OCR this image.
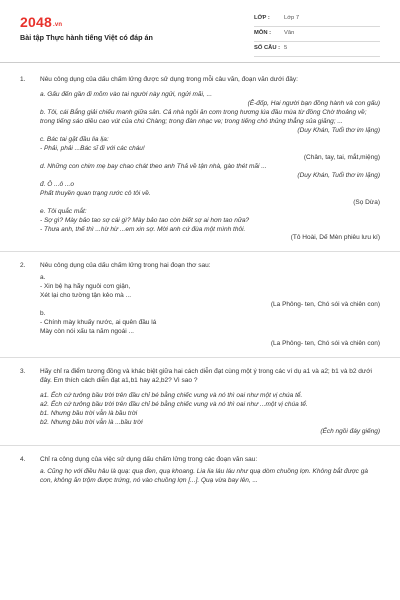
2048.vn
Bài tập Thực hành tiếng Việt có đáp án
LỚP : Lớp 7
MÔN : Văn
SỐ CÂU : 5
1. Nêu công dụng của dấu chấm lửng được sử dụng trong mỗi câu văn, đoạn văn dưới đây:

a. Gấu đến gần đi mõm vào tai người này ngửi, ngửi mãi, ...

(Ê-đốp, Hai người bạn đồng hành và con gấu)

b. Tôi, cái Bắng giải chiếu manh giữa sân. Cả nhà ngồi ăn cơm trong hương lúa đầu mùa từ đồng Chờ thoảng về; trong tiếng sáo diều cao vút của chú Chàng; trong đàn nhạc ve; trong tiếng chó thủng thẳng sủa giăng; ...

(Duy Khán, Tuổi thơ im lặng)

c. Bác tai gặt đầu lia lịa:

- Phải, phải ...Bác sĩ đi với các cháu!

(Chân, tay, tai, mắt,miệng)

d. Những con chim mẹ bay chao chát theo anh Thả về tận nhà, gào thét mãi ...

(Duy Khán, Tuổi thơ im lặng)

đ. Ô ...ô ...o

Phất thuyền quan trạng rước cô tôi về.

(Sọ Dừa)

e. Tôi quắc mắt:

- Sợ gì? Mày bảo tao sợ cái gì? Mày bảo tao còn biết sợ ai hơn tao nữa?

- Thưa anh, thế thì ...hừ hừ ...em xin sợ. Mời anh cứ đùa một mình thôi.

(Tô Hoài, Dế Mèn phiêu lưu kí)

2. Nêu công dụng của dấu chấm lửng trong hai đoạn thơ sau:

a.

- Xin bệ hạ hãy nguôi cơn giận,

Xét lại cho tường tận kẻo mà ...

(La Phông- ten, Chó sói và chiên con)

b.

- Chính mày khuấy nước, ai quên đầu lá

Mày còn nói xấu ta năm ngoái ...

(La Phông- ten, Chó sói và chiên con)

3. Hãy chỉ ra điểm tương đồng và khác biệt giữa hai cách diễn đạt cùng một ý trong các ví dụ a1 và a2; b1 và b2 dưới đây. Em thích cách diễn đạt a1,b1 hay a2,b2? Vì sao ?

a1. Ếch cứ tưởng bầu trời trên đầu chỉ bé bằng chiếc vung và nó thì oai như một vị chúa tể.

a2. Ếch cứ tưởng bầu trời trên đầu chỉ bé bằng chiếc vung và nó thì oai như ...một vị chúa tể.

b1. Nhưng bầu trời vẫn là bầu trời

b2. Nhưng bầu trời vẫn là ...bầu trời

(Ếch ngồi đáy giếng)

4. Chỉ ra công dụng của việc sử dụng dấu chấm lửng trong các đoạn văn sau:

a. Cũng họ với điều hâu là quạ: quạ đen, quạ khoang. Lia lia láu láu như quạ dòm chuồng lợn. Không bắt được gà con, không ăn trộm được trứng, nó vào chuồng lợn [...]. Quạ vừa bay lên, ...
